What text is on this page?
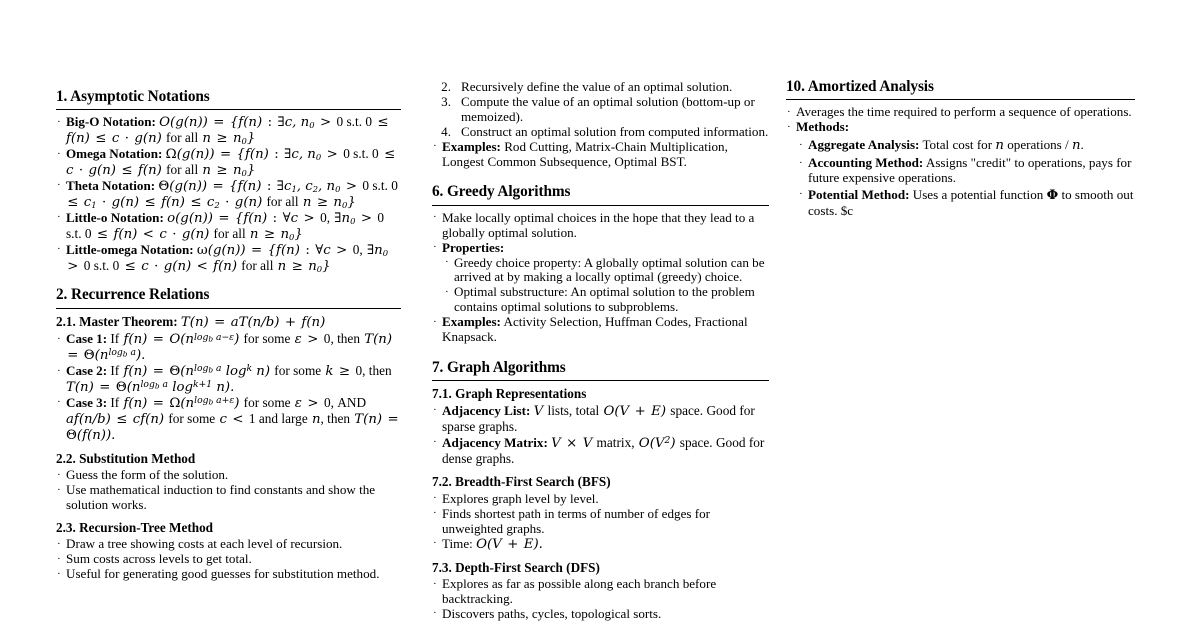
1. Asymptotic Notations
· Big-O Notation: O(g(n)) = {f(n) : ∃c, $n_0 > 0$ s.t. 0 ≤ f(n) ≤ c · g(n) for all $n \ge n_0$}
· Omega Notation: Ω(g(n)) = {f(n) : ∃c, $n_0 > 0$ s.t. 0 ≤ c · g(n) ≤ f(n) for all $n \ge n_0$}
· Theta Notation: Θ(g(n)) = {f(n) : $\exists c_1$, $c_2$, $n_0 > 0$ s.t. $0 \le c_1 \cdot g(n) \le f(n) \le c_2 \cdot g(n)$ for all $n \ge n_0$}
· Little-o Notation: o(g(n)) = {f(n) : ∀c > 0, $\exists n_0 > 0$ s.t. 0 ≤ f(n) < c · g(n) for all $n \ge n_0$}
· Little-omega Notation: ω(g(n)) = {f(n) : ∀c > 0, $\exists n_0 > 0$ s.t. 0 ≤ c · g(n) < f(n) for all $n \ge n_0$}
2. Recurrence Relations
2.1. Master Theorem: T(n) = aT(n/b) + f(n)
· Case 1: If $f(n) = O(n^{logb a-\varepsilon})$ for some ε > 0, then $T(n) = \Theta(n^{logb a})$.
· Case 2: If $f(n) = \Theta(n^{logb a}$ $\log^k n$) for some k ≥ 0, then $T(n) = \Theta(n^{logb a}$ $\log^{k+1} n$).
· Case 3: If $f(n) = \Omega(n^{logb a+\varepsilon})$ for some ε > 0, AND af(n/b) ≤ cf(n) for some c < 1 and large n, then T(n) = Θ(f(n)).
2.2. Substitution Method
· Guess the form of the solution.
· Use mathematical induction to find constants and show the solution works.
2.3. Recursion-Tree Method
· Draw a tree showing costs at each level of recursion.
· Sum costs across levels to get total.
· Useful for generating good guesses for substitution method.
2. Recursively define the value of an optimal solution.
3. Compute the value of an optimal solution (bottom-up or memoized).
4. Construct an optimal solution from computed information.
· Examples: Rod Cutting, Matrix-Chain Multiplication, Longest Common Subsequence, Optimal BST.
6. Greedy Algorithms
· Make locally optimal choices in the hope that they lead to a globally optimal solution.
· Properties:
· Greedy choice property: A globally optimal solution can be arrived at by making a locally optimal (greedy) choice.
· Optimal substructure: An optimal solution to the problem contains optimal solutions to subproblems.
· Examples: Activity Selection, Huffman Codes, Fractional Knapsack.
7. Graph Algorithms
7.1. Graph Representations
· Adjacency List: V lists, total O(V + E) space. Good for sparse graphs.
· Adjacency Matrix: V × V matrix, $O(V^2)$ space. Good for dense graphs.
7.2. Breadth-First Search (BFS)
· Explores graph level by level.
· Finds shortest path in terms of number of edges for unweighted graphs.
· Time: O(V + E).
7.3. Depth-First Search (DFS)
· Explores as far as possible along each branch before backtracking.
· Discovers paths, cycles, topological sorts.
10. Amortized Analysis
· Averages the time required to perform a sequence of operations.
· Methods:
· Aggregate Analysis: Total cost for n operations / n.
· Accounting Method: Assigns "credit" to operations, pays for future expensive operations.
· Potential Method: Uses a potential function Φ to smooth out costs. $c
